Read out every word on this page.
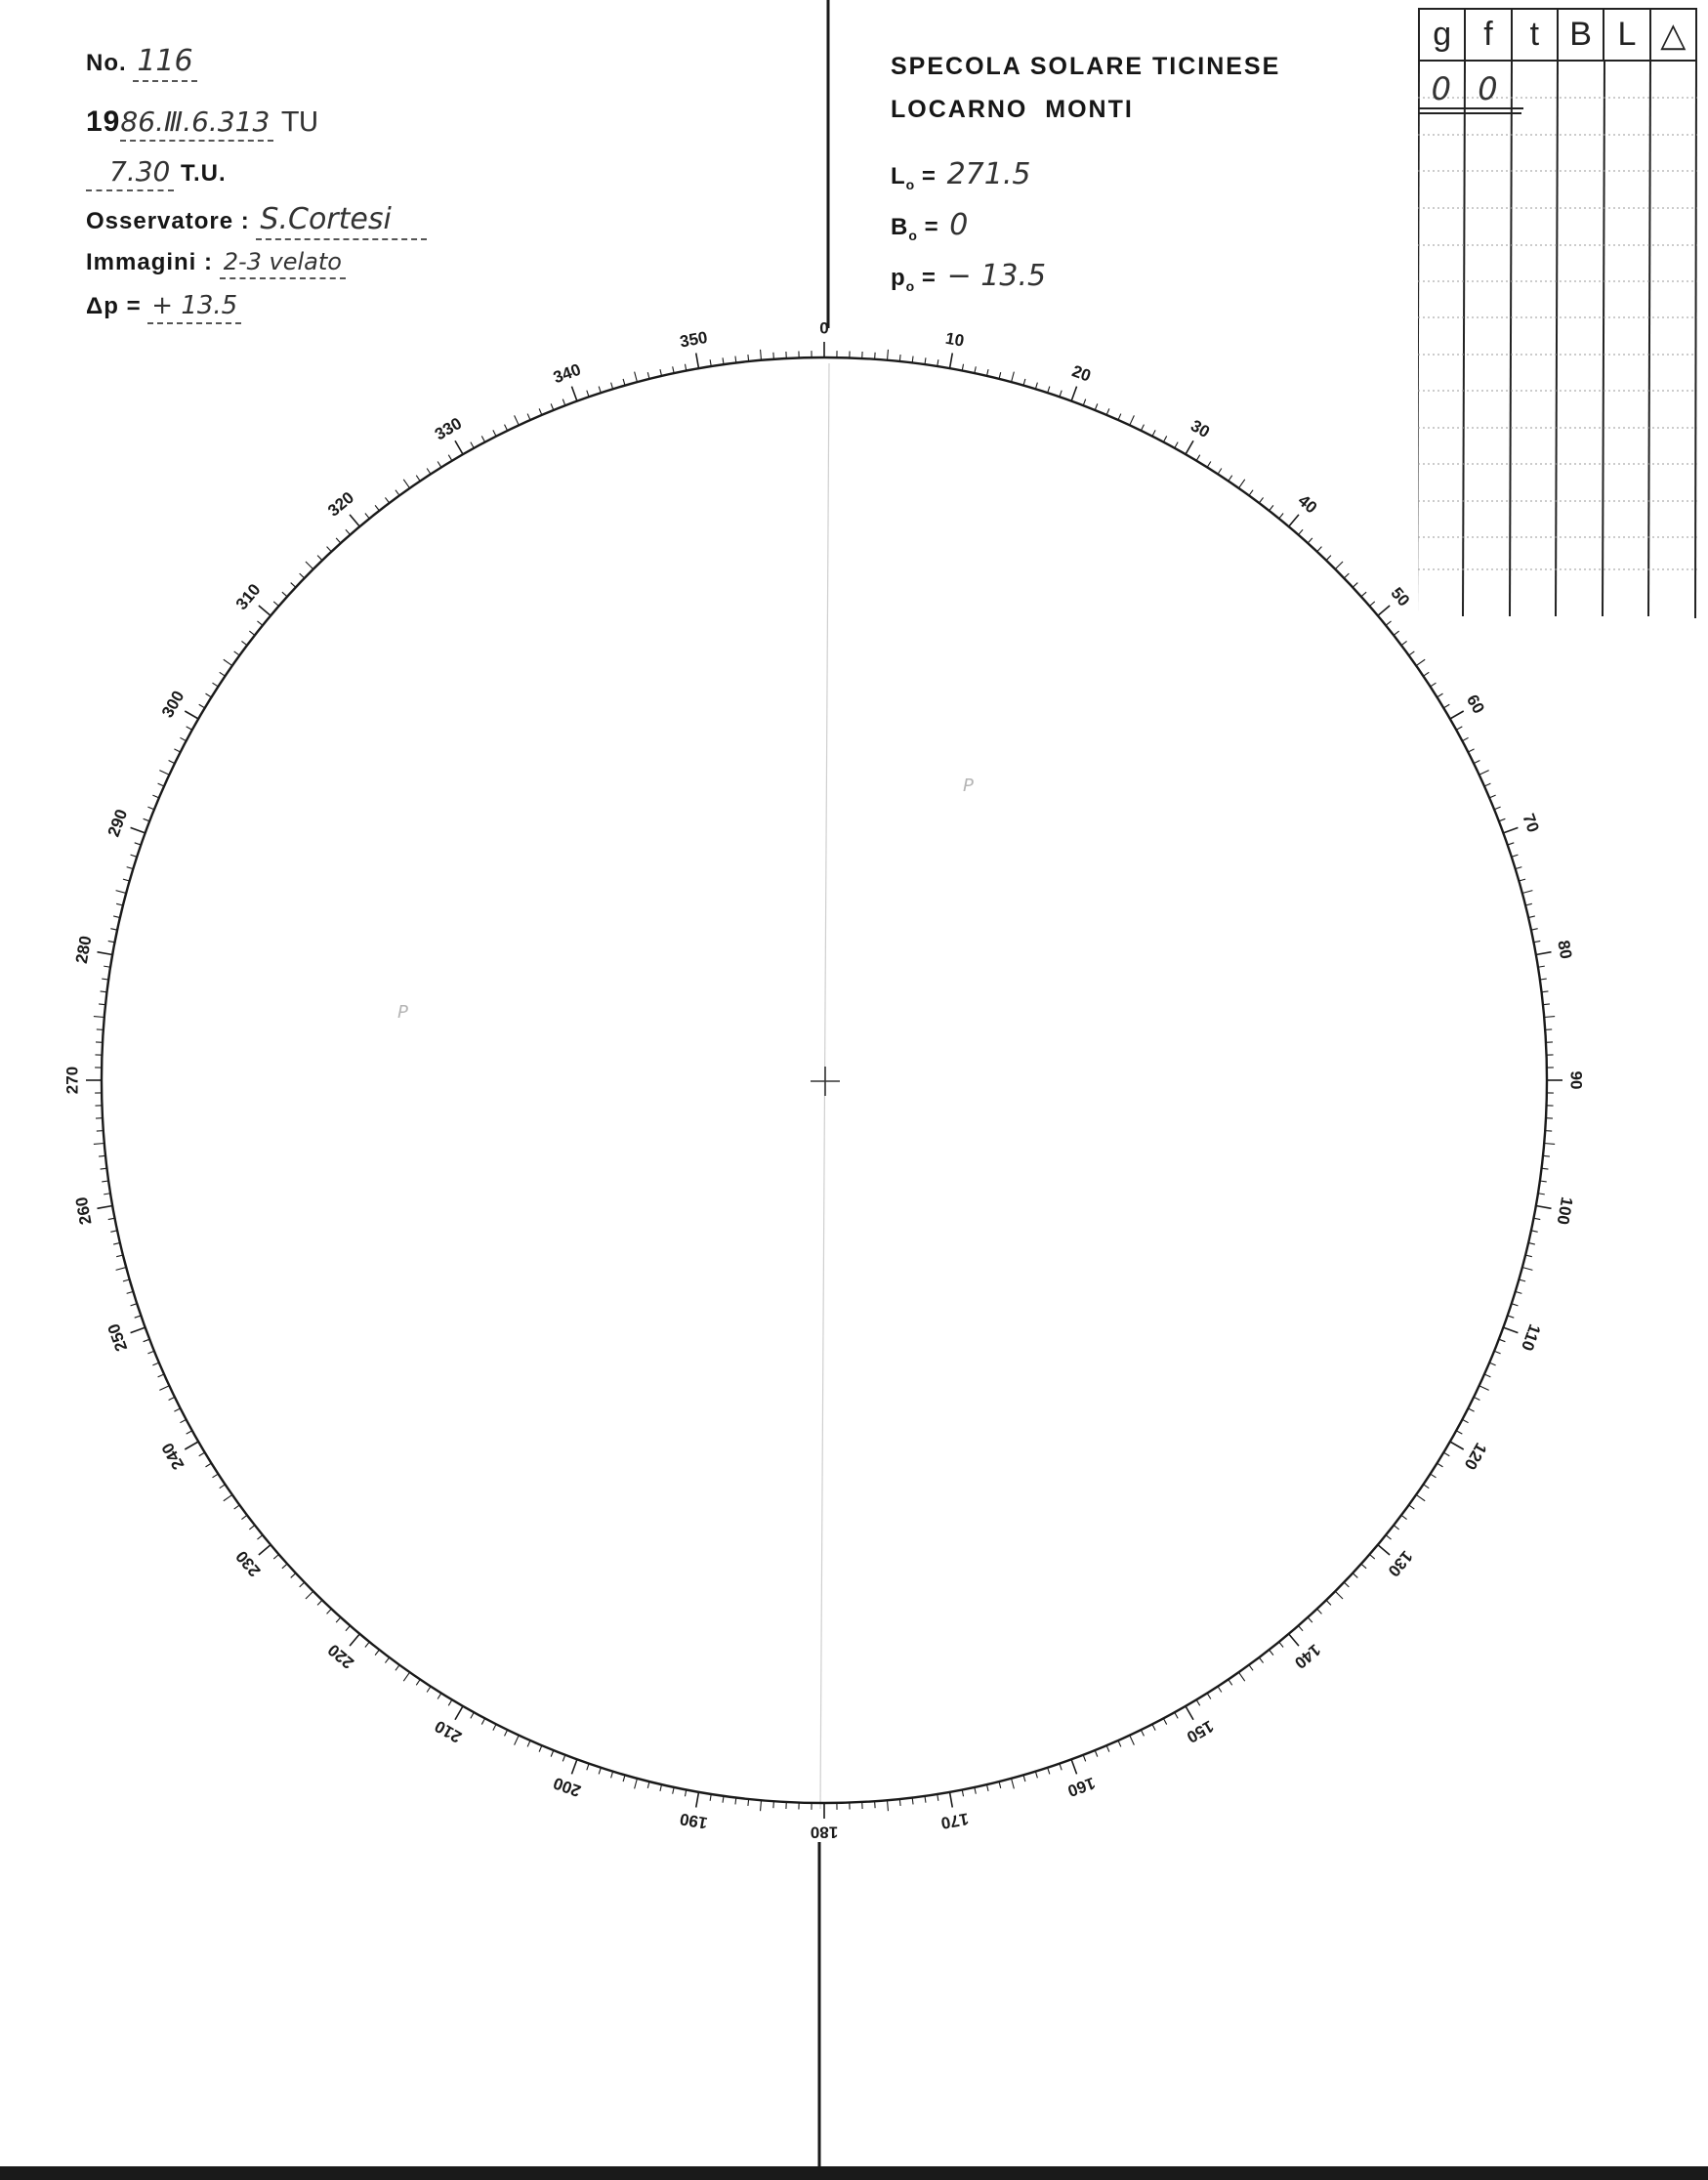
No. 116
1986.Ⅲ.6.313 TU
7.30 T.U.
Osservatore : S.Cortesi
Immagini : 2-3 velato
Δp = + 13.5
SPECOLA SOLARE TICINESE
LOCARNO  MONTI
$L_o = 271.5$
$B_o = 0$
$p_o$ = − 13.5
g f	t B L △
0 0
0
10
20
30
40
50
60
70
80
90
100
110
120
130
140
150
160
170
180
190
200
210
220
230
240
250
260
270
280
290
300
310
320
330
340
350
P
P
